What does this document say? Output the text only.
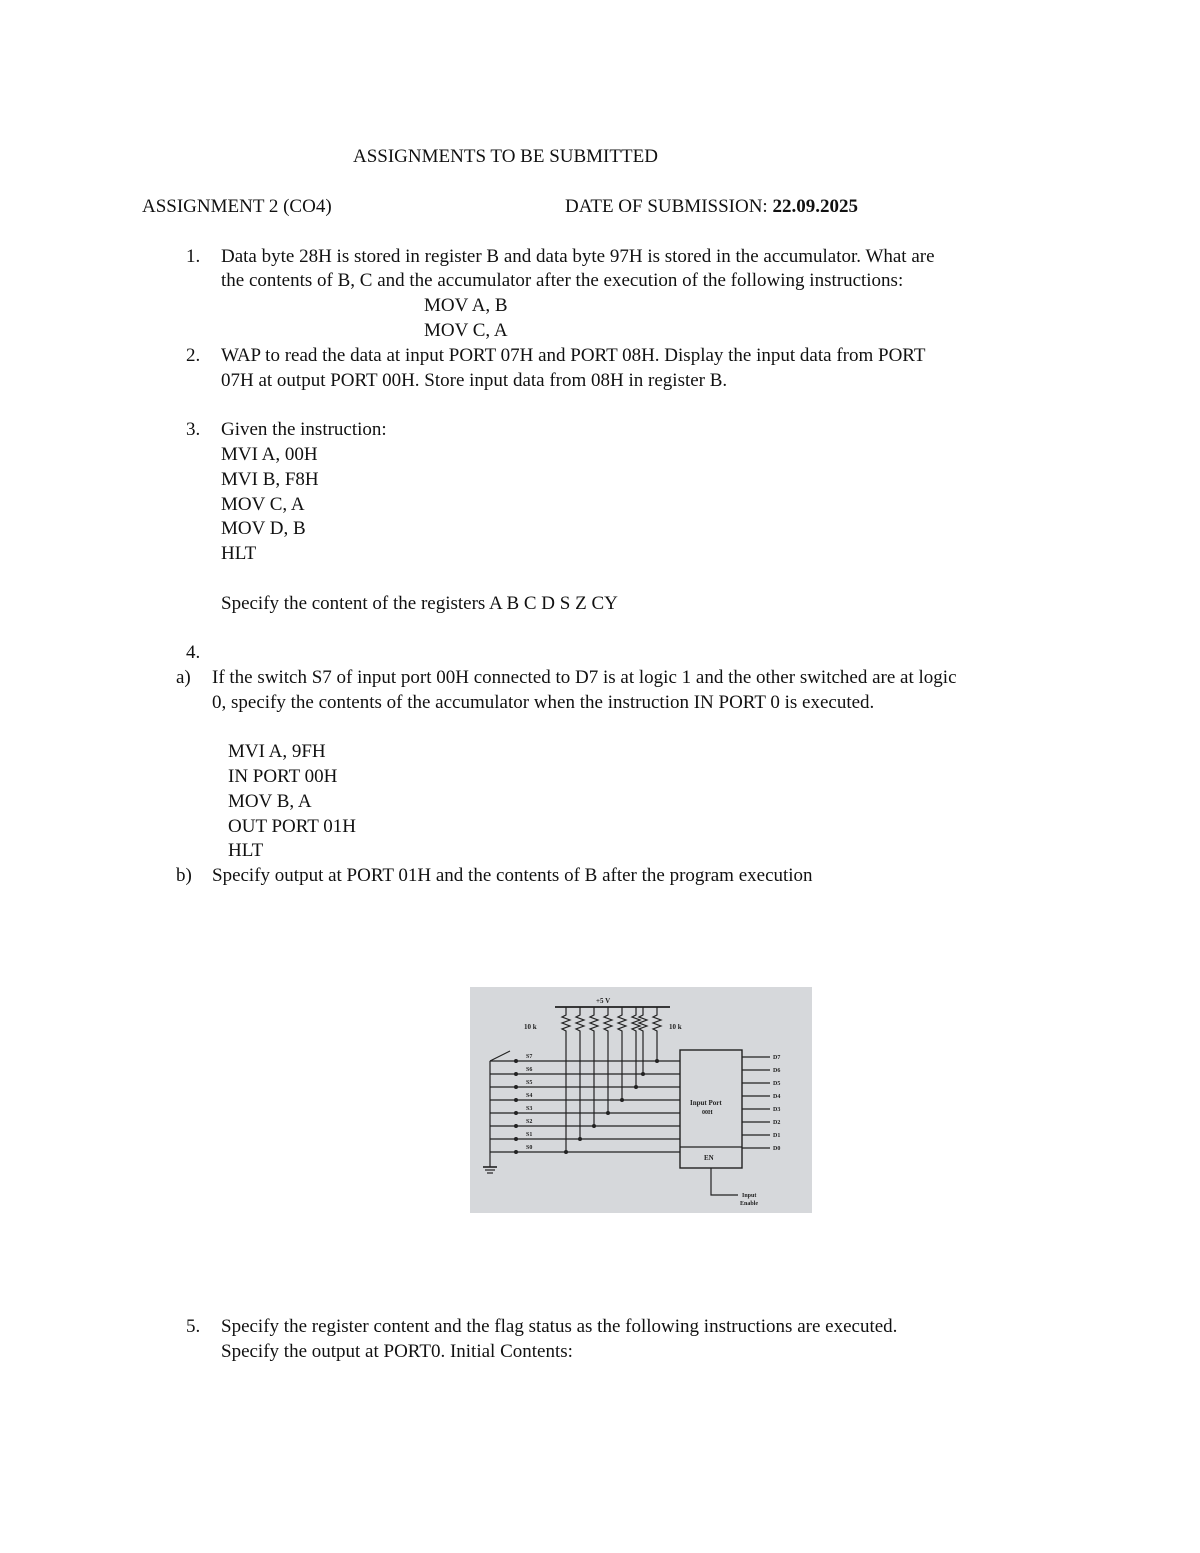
ASSIGNMENTS TO BE SUBMITTED
ASSIGNMENT 2 (CO4)	DATE OF SUBMISSION: 22.09.2025
1. Data byte 28H is stored in register B and data byte 97H is stored in the accumulator. What are
the contents of B, C and the accumulator after the execution of the following instructions:
MOV A, B
MOV C, A
2. WAP to read the data at input PORT 07H and PORT 08H. Display the input data from PORT
07H at output PORT 00H. Store input data from 08H in register B.
3. Given the instruction:
MVI A, 00H
MVI B, F8H
MOV C, A
MOV D, B
HLT
Specify the content of the registers A B C D S Z CY
4.
a) If the switch S7 of input port 00H connected to D7 is at logic 1 and the other switched are at logic
0, specify the contents of the accumulator when the instruction IN PORT 0 is executed.
MVI A, 9FH
IN PORT 00H
MOV B, A
OUT PORT 01H
HLT
b) Specify output at PORT 01H and the contents of B after the program execution
+5 V
10 k	10 k
S7
S6
S5
S4
S3
S2
S1
S0
Input Port
00H
EN
D7
D6
D5
D4
D3
D2
D1
D0
Input
Enable
5. Specify the register content and the flag status as the following instructions are executed.
Specify the output at PORT0. Initial Contents:
